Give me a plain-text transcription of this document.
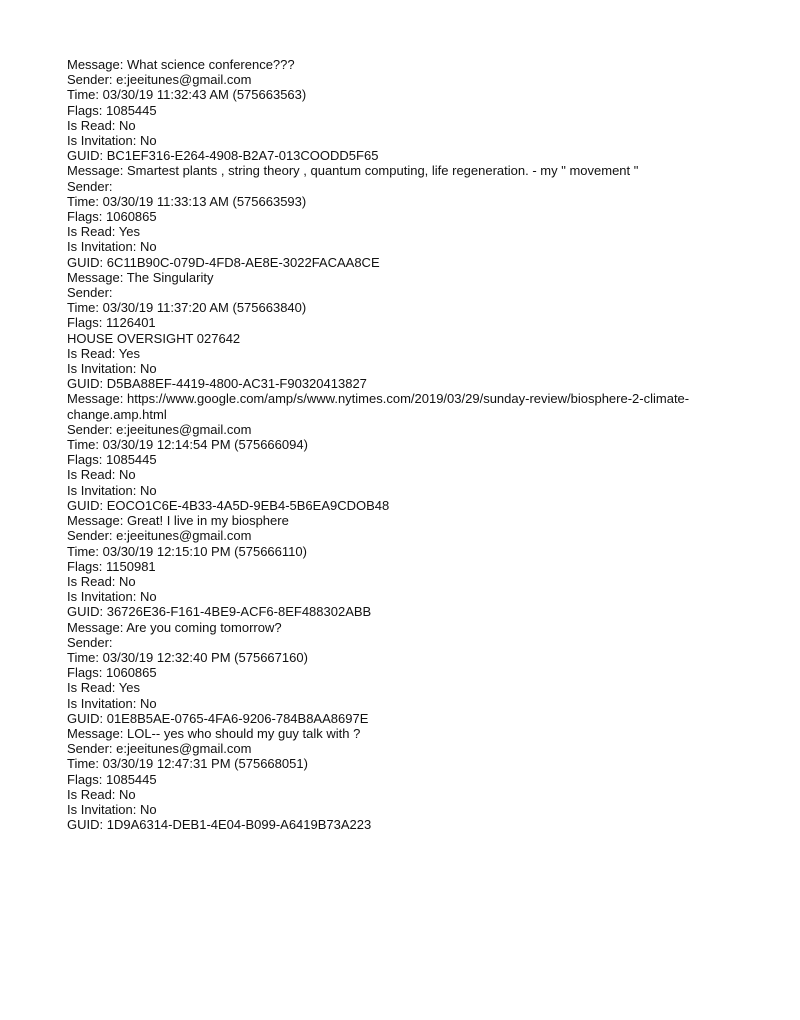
Message: What science conference???
Sender: e:jeeitunes@gmail.com
Time: 03/30/19 11:32:43 AM (575663563)
Flags: 1085445
Is Read: No
Is Invitation: No
GUID: BC1EF316-E264-4908-B2A7-013COODD5F65
Message: Smartest plants , string theory , quantum computing, life regeneration. - my " movement "
Sender:
Time: 03/30/19 11:33:13 AM (575663593)
Flags: 1060865
Is Read: Yes
Is Invitation: No
GUID: 6C11B90C-079D-4FD8-AE8E-3022FACAA8CE
Message: The Singularity
Sender:
Time: 03/30/19 11:37:20 AM (575663840)
Flags: 1126401
HOUSE OVERSIGHT 027642
Is Read: Yes
Is Invitation: No
GUID: D5BA88EF-4419-4800-AC31-F90320413827
Message: https://www.google.com/amp/s/www.nytimes.com/2019/03/29/sunday-review/biosphere-2-climate-change.amp.html
Sender: e:jeeitunes@gmail.com
Time: 03/30/19 12:14:54 PM (575666094)
Flags: 1085445
Is Read: No
Is Invitation: No
GUID: EOCO1C6E-4B33-4A5D-9EB4-5B6EA9CDOB48
Message: Great! I live in my biosphere
Sender: e:jeeitunes@gmail.com
Time: 03/30/19 12:15:10 PM (575666110)
Flags: 1150981
Is Read: No
Is Invitation: No
GUID: 36726E36-F161-4BE9-ACF6-8EF488302ABB
Message: Are you coming tomorrow?
Sender:
Time: 03/30/19 12:32:40 PM (575667160)
Flags: 1060865
Is Read: Yes
Is Invitation: No
GUID: 01E8B5AE-0765-4FA6-9206-784B8AA8697E
Message: LOL-- yes who should my guy talk with ?
Sender: e:jeeitunes@gmail.com
Time: 03/30/19 12:47:31 PM (575668051)
Flags: 1085445
Is Read: No
Is Invitation: No
GUID: 1D9A6314-DEB1-4E04-B099-A6419B73A223
